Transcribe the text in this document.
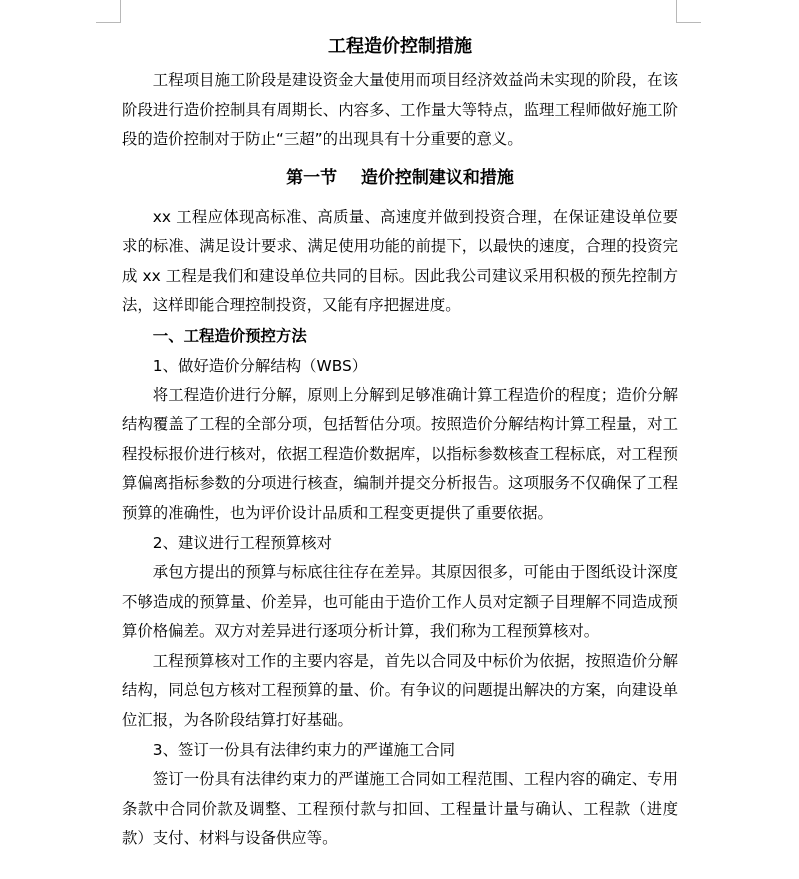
工程造价控制措施

工程项目施工阶段是建设资金大量使用而项目经济效益尚未实现的阶段，在该阶段进行造价控制具有周期长、内容多、工作量大等特点，监理工程师做好施工阶段的造价控制对于防止“三超”的出现具有十分重要的意义。

第一节    造价控制建议和措施

xx 工程应体现高标准、高质量、高速度并做到投资合理，在保证建设单位要求的标准、满足设计要求、满足使用功能的前提下，以最快的速度，合理的投资完成 xx 工程是我们和建设单位共同的目标。因此我公司建议采用积极的预先控制方法，这样即能合理控制投资，又能有序把握进度。

一、工程造价预控方法

1、做好造价分解结构（WBS）

将工程造价进行分解，原则上分解到足够准确计算工程造价的程度；造价分解结构覆盖了工程的全部分项，包括暂估分项。按照造价分解结构计算工程量，对工程投标报价进行核对，依据工程造价数据库，以指标参数核查工程标底，对工程预算偏离指标参数的分项进行核查，编制并提交分析报告。这项服务不仅确保了工程预算的准确性，也为评价设计品质和工程变更提供了重要依据。

2、建议进行工程预算核对

承包方提出的预算与标底往往存在差异。其原因很多，可能由于图纸设计深度不够造成的预算量、价差异，也可能由于造价工作人员对定额子目理解不同造成预算价格偏差。双方对差异进行逐项分析计算，我们称为工程预算核对。

工程预算核对工作的主要内容是，首先以合同及中标价为依据，按照造价分解结构，同总包方核对工程预算的量、价。有争议的问题提出解决的方案，向建设单位汇报，为各阶段结算打好基础。

3、签订一份具有法律约束力的严谨施工合同

签订一份具有法律约束力的严谨施工合同如工程范围、工程内容的确定、专用条款中合同价款及调整、工程预付款与扣回、工程量计量与确认、工程款（进度款）支付、材料与设备供应等。
